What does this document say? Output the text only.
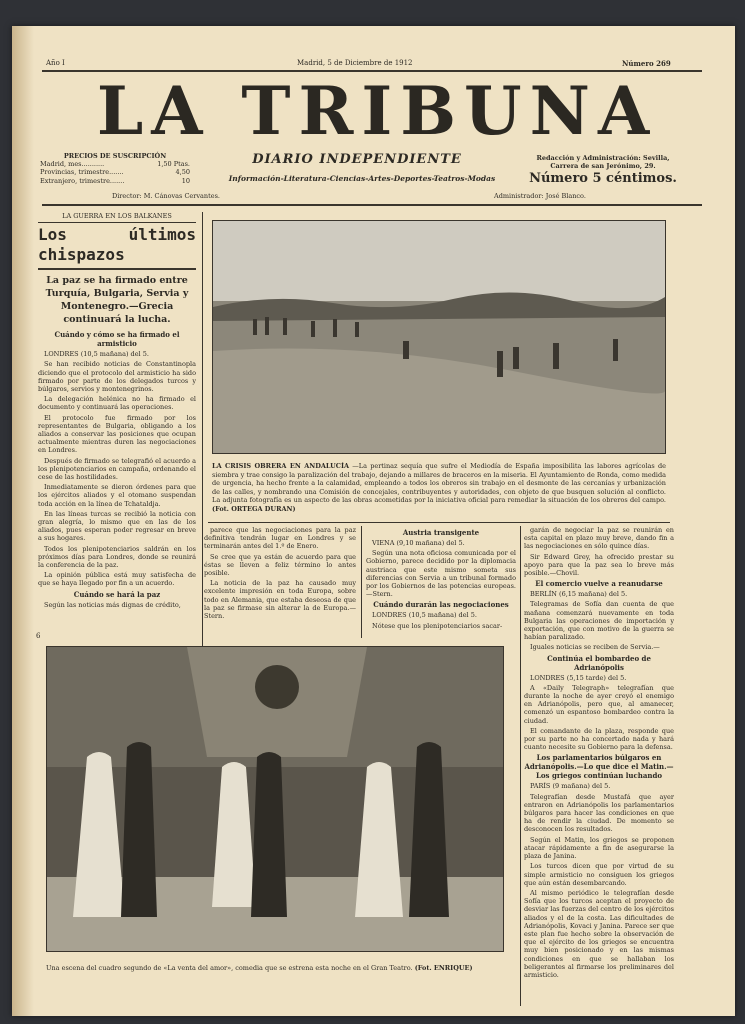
Año I	Madrid, 5 de Diciembre de 1912	Número 269
LA TRIBUNA
DIARIO INDEPENDIENTE
Información-Literatura-Ciencias-Artes-Deportes-Teatros-Modas
PRECIOS DE SUSCRIPCIÓN
Madrid, mes...........	1,50 Ptas.
Provincias, trimestre.......	4,50
Extranjero, trimestre.......	10
Director: M. Cánovas Cervantes.
Redacción y Administración: Sevilla, Carrera de san Jerónimo, 29.
Número 5 céntimos.
Administrador: José Blanco.
LA GUERRA EN LOS BALKANES
Los últimos chispazos
La paz se ha firmado entre Turquía, Bulgaria, Servia y Montenegro.—Grecia continuará la lucha.
Cuándo y cómo se ha firmado el armisticio

LONDRES (10,5 mañana) del 5.

Se han recibido noticias de Constantinopla diciendo que el protocolo del armisticio ha sido firmado por parte de los delegados turcos y búlgaros, servios y montenegrinos.

La delegación helénica no ha firmado el documento y continuará las operaciones.

El protocolo fue firmado por los representantes de Bulgaria, obligando a los aliados a conservar las posiciones que ocupan actualmente mientras duren las negociaciones en Londres.

Después de firmado se telegrafió el acuerdo a los plenipotenciarios en campaña, ordenando el cese de las hostilidades.

Inmediatamente se dieron órdenes para que los ejércitos aliados y el otomano suspendan toda acción en la línea de Tchataldja.

En las líneas turcas se recibió la noticia con gran alegría, lo mismo que en las de los aliados, pues esperan poder regresar en breve a sus hogares.

Todos los plenipotenciarios saldrán en los próximos días para Londres, donde se reunirá la conferencia de la paz.

La opinión pública está muy satisfecha de que se haya llegado por fin a un acuerdo.

Cuándo se hará la paz

Según las noticias más dignas de crédito,

LA CRISIS OBRERA EN ANDALUCÍA —La pertinaz sequía que sufre el Mediodía de España imposibilita las labores agrícolas de siembra y trae consigo la paralización del trabajo, dejando a millares de braceros en la miseria. El Ayuntamiento de Ronda, como medida de urgencia, ha hecho frente a la calamidad, empleando a todos los obreros sin trabajo en el desmonte de las cercanías y urbanización de las calles, y nombrando una Comisión de concejales, contribuyentes y autoridades, con objeto de que busquen solución al conflicto. La adjunta fotografía es un aspecto de las obras acometidas por la iniciativa oficial para remediar la situación de los obreros del campo. (Fot. ORTEGA DURAN)

parece que las negociaciones para la paz definitiva tendrán lugar en Londres y se terminarán antes del 1.º de Enero.

Se cree que ya están de acuerdo para que éstas se lleven a feliz término lo antes posible.

La noticia de la paz ha causado muy excelente impresión en toda Europa, sobre todo en Alemania, que estaba deseosa de que la paz se firmase sin alterar la de Europa.—Stern.

Austria transigente

VIENA (9,10 mañana) del 5.

Según una nota oficiosa comunicada por el Gobierno, parece decidido por la diplomacia austriaca que este mismo someta sus diferencias con Servia a un tribunal formado por los Gobiernos de las potencias europeas.—Stern.

Cuándo durarán las negociaciones

LONDRES (10,5 mañana) del 5.

Nótese que los plenipotenciarios sacar-

garán de negociar la paz se reunirán en esta capital en plazo muy breve, dando fin a las negociaciones en sólo quince días.

Sir Edward Grey, ha ofrecido prestar su apoyo para que la paz sea lo breve más posible.—Chovil.

El comercio vuelve a reanudarse

BERLÍN (6,15 mañana) del 5.

Telegramas de Sofía dan cuenta de que mañana comenzará nuevamente en toda Bulgaria las operaciones de importación y exportación, que con motivo de la guerra se habían paralizado.

Iguales noticias se reciben de Servia.—

Continúa el bombardeo de Adrianópolis

LONDRES (5,15 tarde) del 5.

A «Daily Telegraph» telegrafían que durante la noche de ayer creyó el enemigo en Adrianópolis, pero que, al amanecer, comenzó un espantoso bombardeo contra la ciudad.

El comandante de la plaza, responde que por su parte no ha concertado nada y hará cuanto necesite su Gobierno para la defensa.

Los parlamentarios búlgaros en Adrianópolis.—Lo que dice el Matin.—Los griegos continúan luchando

PARÍS (9 mañana) del 5.

Telegrafían desde Mustafá que ayer entraron en Adrianópolis los parlamentarios búlgaros para hacer las condiciones en que ha de rendir la ciudad. De momento se desconocen los resultados.

Según el Matin, los griegos se proponen atacar rápidamente a fin de asegurarse la plaza de Janina.

Los turcos dicen que por virtud de su simple armisticio no consiguen los griegos que aún están desembarcando.

Al mismo periódico le telegrafían desde Sofía que los turcos aceptan el proyecto de desviar las fuerzas del centro de los ejércitos aliados y el de la costa. Las dificultades de Adrianópolis, Kovaci y Janina. Parece ser que este plan fue hecho sobre la observación de que el ejército de los griegos se encuentra muy bien posicionado y en las mismas condiciones en que se hallaban los beligerantes al firmarse los preliminares del armisticio.

6
Una escena del cuadro segundo de «La venta del amor», comedia que se estrena esta noche en el Gran Teatro. (Fot. ENRIQUE)
